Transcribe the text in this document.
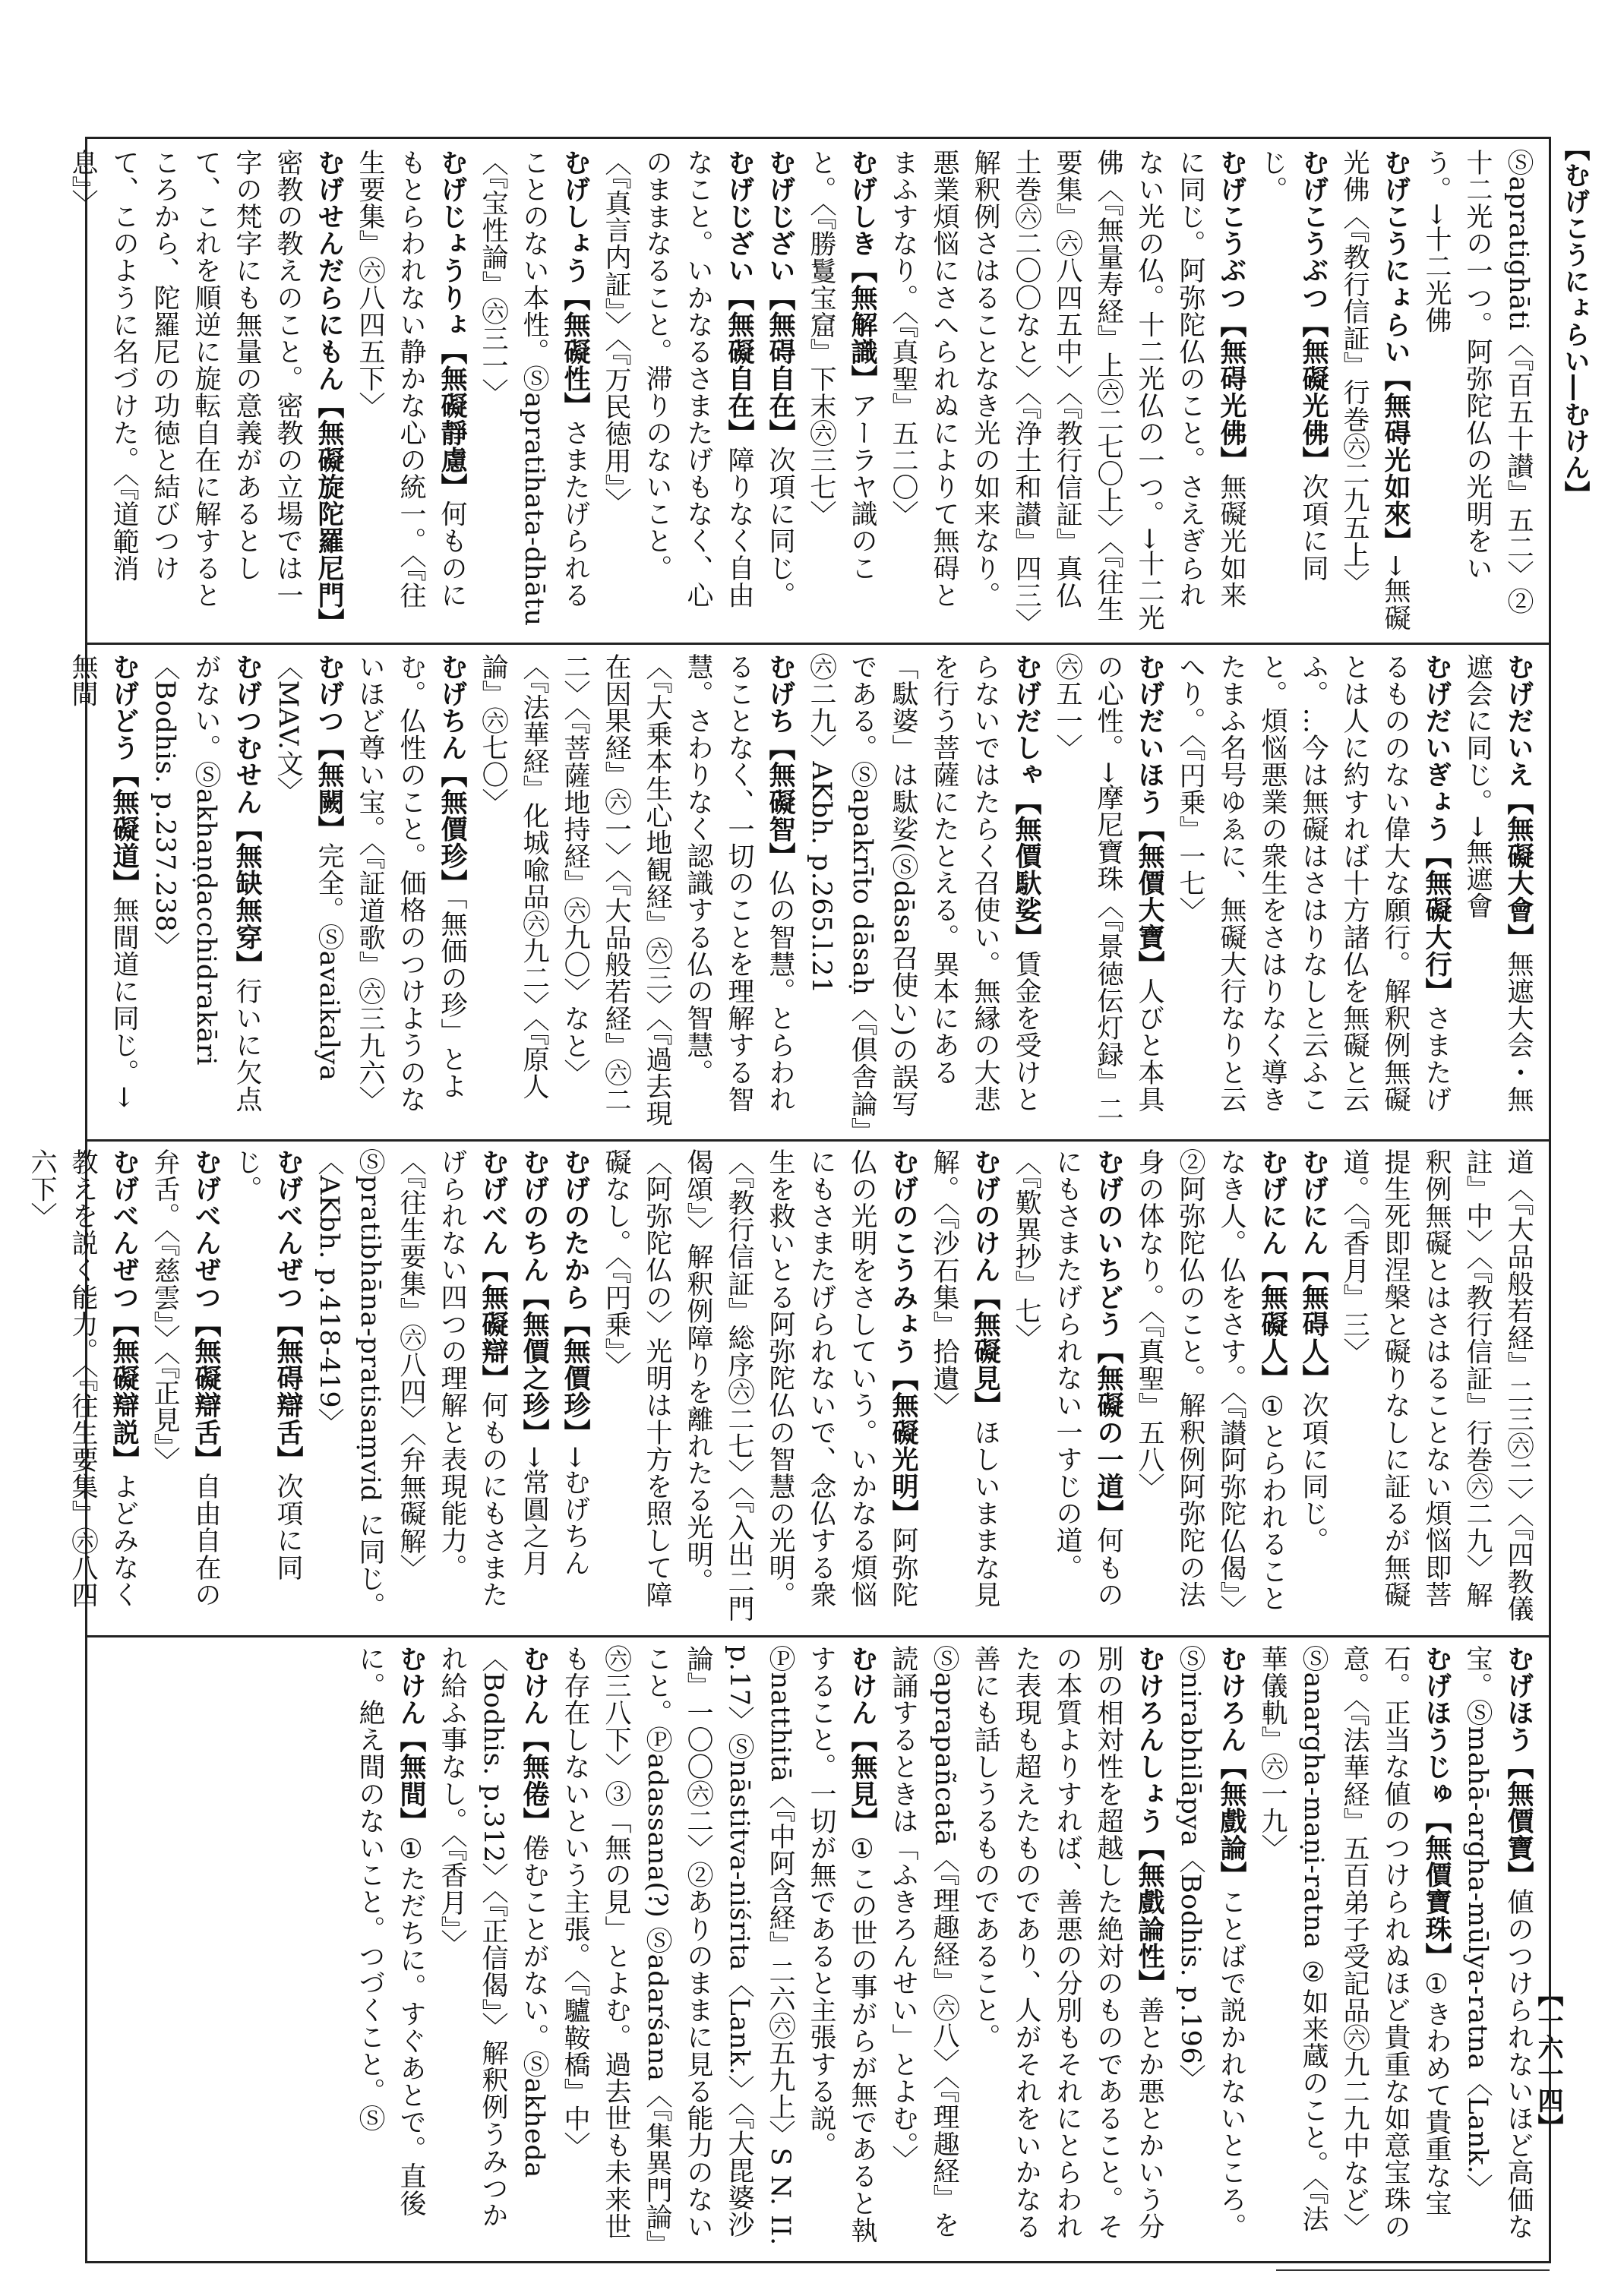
【むげこうにょらい―むけん】
【一六一四】
Ⓢapratighāti〈『百五十讃』五二〉②十二光の一つ。阿弥陀仏の光明をいう。→十二光佛
むげこうにょらい【無碍光如來】→無礙光佛〈『教行信証』行巻㊅二九五上〉
むげこうぶつ【無礙光佛】次項に同じ。
むげこうぶつ【無碍光佛】無礙光如来に同じ。阿弥陀仏のこと。さえぎられない光の仏。十二光仏の一つ。→十二光佛〈『無量寿経』上㊅二七〇上〉〈『往生要集』㊅八四五中〉〈『教行信証』真仏土巻㊅二〇〇なと〉〈『浄土和讃』四三〉解釈例さはることなき光の如来なり。悪業煩悩にさへられぬによりて無碍とまふすなり。〈『真聖』五二〇〉
むげしき【無解識】アーラヤ識のこと。〈『勝鬘宝窟』下末㊅三七〉
むげじざい【無碍自在】次項に同じ。
むげじざい【無礙自在】障りなく自由なこと。いかなるさまたげもなく、心のままなること。滞りのないこと。〈『真言内証』〉〈『万民徳用』〉
むげしょう【無礙性】さまたげられることのない本性。Ⓢapratihata-dhātu〈『宝性論』㊅三一〉
むげじょうりょ【無礙靜慮】何ものにもとらわれない静かな心の統一。〈『往生要集』㊅八四五下〉
むげせんだらにもん【無礙旋陀羅尼門】密教の教えのこと。密教の立場では一字の梵字にも無量の意義があるとして、これを順逆に旋転自在に解するところから、陀羅尼の功徳と結びつけて、このように名づけた。〈『道範消息』〉
むげだいえ【無礙大會】無遮大会・無遮会に同じ。→無遮會
むげだいぎょう【無礙大行】さまたげるもののない偉大な願行。解釈例無礙とは人に約すれば十方諸仏を無礙と云ふ。…今は無礙はさはりなしと云ふこと。煩悩悪業の衆生をさはりなく導きたまふ名号ゆゑに、無礙大行なりと云へり。〈『円乗』一七〉
むげだいほう【無價大寶】人びと本具の心性。→摩尼寶珠〈『景徳伝灯録』二㊅五一〉
むげだしゃ【無價馱娑】賃金を受けとらないではたらく召使い。無縁の大悲を行う菩薩にたとえる。異本にある「駄婆」は駄娑(Ⓢdāsa召使い)の誤写である。Ⓢapakrīto dāsaḥ〈『倶舎論』㊅二九〉AKbh. p.265.l.21
むげち【無礙智】仏の智慧。とらわれることなく、一切のことを理解する智慧。さわりなく認識する仏の智慧。〈『大乗本生心地観経』㊅三〉〈『過去現在因果経』㊅一〉〈『大品般若経』㊅二二〉〈『菩薩地持経』㊅九〇〉なと〉〈『法華経』化城喩品㊅九二〉〈『原人論』㊅七〇〉
むげちん【無價珍】「無価の珍」とよむ。仏性のこと。価格のつけようのないほど尊い宝。〈『証道歌』㊅三九六〉
むげつ【無闕】完全。Ⓢavaikalya〈MAV.文〉
むげつむせん【無缺無穿】行いに欠点がない。Ⓢakhaṇḍacchidrakāri〈Bodhis. p.237.238〉
むげどう【無礙道】無間道に同じ。→無間
道〈『大品般若経』二三㊅二〉〈『四教儀註』中〉〈『教行信証』行巻㊅二九〉解釈例無礙とはさはることない煩悩即菩提生死即涅槃と礙りなしに証るが無礙道。〈『香月』三〉
むげにん【無碍人】次項に同じ。
むげにん【無礙人】①とらわれることなき人。仏をさす。〈『讃阿弥陀仏偈』〉②阿弥陀仏のこと。解釈例阿弥陀の法身の体なり。〈『真聖』五八〉
むげのいちどう【無礙の一道】何ものにもさまたげられない一すじの道。〈『歎異抄』七〉
むげのけん【無礙見】ほしいままな見解。〈『沙石集』拾遺〉
むげのこうみょう【無礙光明】阿弥陀仏の光明をさしていう。いかなる煩悩にもさまたげられないで、念仏する衆生を救いとる阿弥陀仏の智慧の光明。〈『教行信証』総序㊅二七〉〈『入出二門偈頌』〉解釈例障りを離れたる光明。〈阿弥陀仏の〉光明は十方を照して障礙なし。〈『円乗』〉
むげのたから【無價珍】→むげちん
むげのちん【無價之珍】→常圓之月
むげべん【無礙辯】何ものにもさまたげられない四つの理解と表現能力。〈『往生要集』㊅八四〉〈弁無礙解〉Ⓢpratibhāna-pratisaṃvid に同じ。〈AKbh. p.418-419〉
むげべんぜつ【無碍辯舌】次項に同じ。
むげべんぜつ【無礙辯舌】自由自在の弁舌。〈『慈雲』〉〈『正見』〉
むげべんぜつ【無礙辯説】よどみなく教えを説く能力。〈『往生要集』㊅八四六下〉
むげほう【無價寶】値のつけられないほど高価な宝。Ⓢmahā-argha-mūlya-ratna〈Lank.〉
むげほうじゅ【無價寶珠】①きわめて貴重な宝石。正当な値のつけられぬほど貴重な如意宝珠の意。〈『法華経』五百弟子受記品㊅九二九中など〉Ⓢanargha-maṇi-ratna ②如来蔵のこと。〈『法華儀軌』㊅一九〉
むけろん【無戲論】ことばで説かれないところ。Ⓢnirabhilāpya〈Bodhis. p.196〉
むけろんしょう【無戲論性】善とか悪とかいう分別の相対性を超越した絶対のものであること。その本質よりすれば、善悪の分別もそれにとらわれた表現も超えたものであり、人がそれをいかなる善にも話しうるものであること。Ⓢaprapañcatā〈『理趣経』㊅八〉〈『理趣経』を読誦するときは「ふきろんせい」とよむ。〉
むけん【無見】①この世の事がらが無であると執すること。一切が無であると主張する説。Ⓟnatthitā〈『中阿含経』二六㊅五九上〉S N. II. p.17〉Ⓢnāstitva-niśrita〈Lank.〉〈『大毘婆沙論』一〇〇㊅二〉②ありのままに見る能力のないこと。Ⓟadassana(?) Ⓢadarśana〈『集異門論』㊅三八下〉③「無の見」とよむ。過去世も未来世も存在しないという主張。〈『驢鞍橋』中〉
むけん【無倦】倦むことがない。Ⓢakheda〈Bodhis. p.312〉〈『正信偈』〉解釈例うみつかれ給ふ事なし。〈『香月』〉
むけん【無間】①ただちに。すぐあとで。直後に。絶え間のないこと。つづくこと。Ⓢ
